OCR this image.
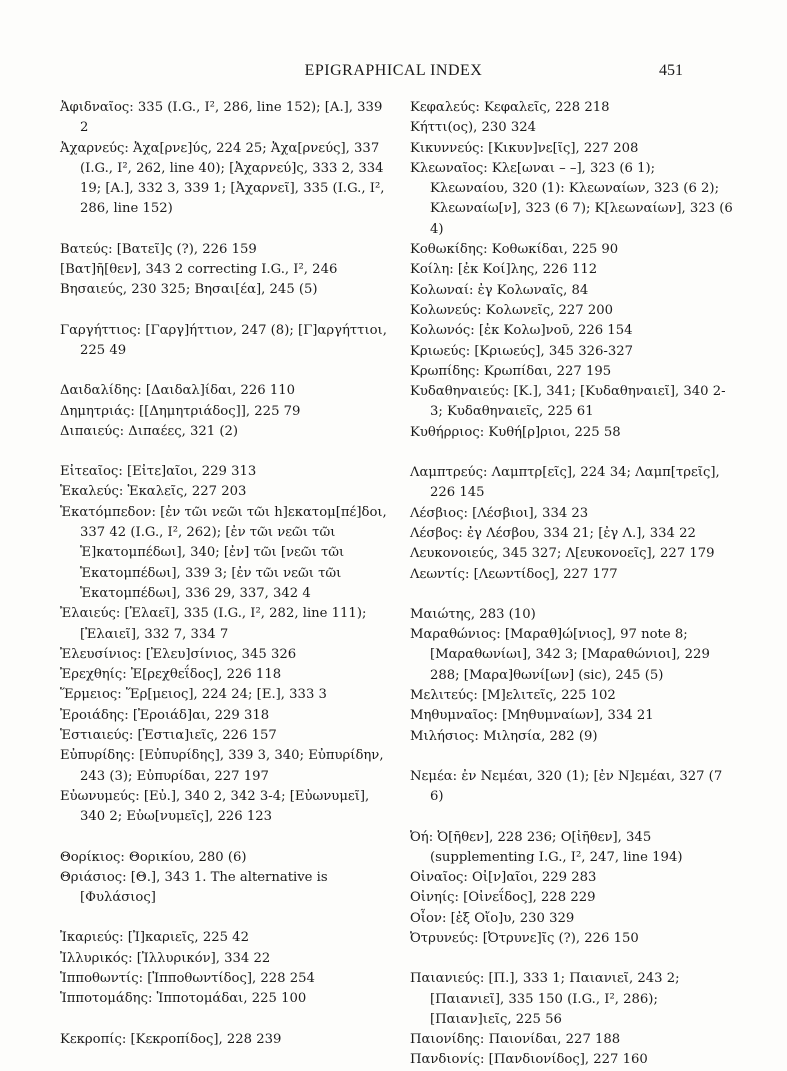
EPIGRAPHICAL INDEX	451

Ἀφιδναῖος: 335 (I.G., I², 286, line 152); [Α.], 339 2

Ἀχαρνεύς: Ἀχα[ρνε]ύς, 224 25; Ἀχα[ρνεύς], 337 (I.G., I², 262, line 40); [Ἀχαρνεύ]ς, 333 2, 334 19; [Α.], 332 3, 339 1; [Ἀχαρνεῖ], 335 (I.G., I², 286, line 152)

Βατεύς: [Βατεῖ]ς (?), 226 159

[Βατ]ῆ[θεν], 343 2 correcting I.G., I², 246

Βησαιεύς, 230 325; Βησαι[έα], 245 (5)

Γαργήττιος: [Γαργ]ήττιον, 247 (8); [Γ]αργήττιοι, 225 49

Δαιδαλίδης: [Δαιδαλ]ίδαι, 226 110

Δημητριάς: [[Δημητριάδος]], 225 79

Διπαιεύς: Διπαέες, 321 (2)

Εἰτεαῖος: [Εἰτε]αῖοι, 229 313

Ἑκαλεύς: Ἑκαλεῖς, 227 203

Ἑκατόμπεδον: [ἐν τῶι νεῶι τῶι h]εκατομ[πέ]δοι, 337 42 (I.G., I², 262); [ἐν τῶι νεῶι τῶι Ἑ]κατομπέδωι], 340; [ἐν] τῶι [νεῶι τῶι Ἑκατομπέδωι], 339 3; [ἐν τῶι νεῶι τῶι Ἑκατομπέδωι], 336 29, 337, 342 4

Ἐλαιεύς: [Ἐλαεῖ], 335 (I.G., I², 282, line 111); [Ἐλαιεῖ], 332 7, 334 7

Ἐλευσίνιος: [Ἐλευ]σίνιος, 345 326

Ἐρεχθηίς: Ἐ[ρεχθεΐδος], 226 118

Ἕρμειος: Ἕρ[μειος], 224 24; [Ε.], 333 3

Ἐροιάδης: [Ἐροιάδ]αι, 229 318

Ἑστιαιεύς: [Ἑστια]ιεῖς, 226 157

Εὐπυρίδης: [Εὐπυρίδης], 339 3, 340; Εὐπυρίδην, 243 (3); Εὐπυρίδαι, 227 197

Εὐωνυμεύς: [Εὐ.], 340 2, 342 3-4; [Εὐωνυμεῖ], 340 2; Εὐω[νυμεῖς], 226 123

Θορίκιος: Θορικίου, 280 (6)

Θριάσιος: [Θ.], 343 1. The alternative is [Φυλάσιος]

Ἰκαριεύς: [Ἰ]καριεῖς, 225 42

Ἰλλυρικός: [Ἰλλυρικόν], 334 22

Ἱπποθωντίς: [Ἱπποθωντίδος], 228 254

Ἱπποτομάδης: Ἱπποτομάδαι, 225 100

Κεκροπίς: [Κεκροπίδος], 228 239

Κεφαλεύς: Κεφαλεῖς, 228 218

Κήττι(ος), 230 324

Κικυννεύς: [Κικυν]νε[ῖς], 227 208

Κλεωναῖος: Κλε[ωναι – –], 323 (6 1); Κλεωναίου, 320 (1): Κλεωναίων, 323 (6 2); Κλεωναίω[ν], 323 (6 7); Κ[λεωναίων], 323 (6 4)

Κοθωκίδης: Κοθωκίδαι, 225 90

Κοίλη: [ἐκ Κοί]λης, 226 112

Κολωναί: ἐγ Κολωναῖς, 84

Κολωνεύς: Κολωνεῖς, 227 200

Κολωνός: [ἐκ Κολω]νοῦ, 226 154

Κριωεύς: [Κριωεύς], 345 326-327

Κρωπίδης: Κρωπίδαι, 227 195

Κυδαθηναιεύς: [Κ.], 341; [Κυδαθηναιεῖ], 340 2-3; Κυδαθηναιεῖς, 225 61

Κυθήρριος: Κυθή[ρ]ριοι, 225 58

Λαμπτρεύς: Λαμπτρ[εῖς], 224 34; Λαμπ[τρεῖς], 226 145

Λέσβιος: [Λέσβιοι], 334 23

Λέσβος: ἐγ Λέσβου, 334 21; [ἐγ Λ.], 334 22

Λευκονοιεύς, 345 327; Λ[ευκονοεῖς], 227 179

Λεωντίς: [Λεωντίδος], 227 177

Μαιώτης, 283 (10)

Μαραθώνιος: [Μαραθ]ώ[νιος], 97 note 8; [Μαραθωνίωι], 342 3; [Μαραθώνιοι], 229 288; [Μαρα]θωνί[ων] (sic), 245 (5)

Μελιτεύς: [Μ]ελιτεῖς, 225 102

Μηθυμναῖος: [Μηθυμναίων], 334 21

Μιλήσιος: Μιλησία, 282 (9)

Νεμέα: ἐν Νεμέαι, 320 (1); [ἐν Ν]εμέαι, 327 (7 6)

Ὀή: Ὀ[ῆθεν], 228 236; Ο[ἰῆθεν], 345 (supplementing I.G., I², 247, line 194)

Οἰναῖος: Οἰ[ν]αῖοι, 229 283

Οἰνηίς: [Οἰνεΐδος], 228 229

Οἶον: [ἐξ Οἴο]υ, 230 329

Ὀτρυνεύς: [Ὀτρυνε]ῖς (?), 226 150

Παιανιεύς: [Π.], 333 1; Παιανιεῖ, 243 2; [Παιανιεῖ], 335 150 (I.G., I², 286); [Παιαν]ιεῖς, 225 56

Παιονίδης: Παιονίδαι, 227 188

Πανδιονίς: [Πανδιονίδος], 227 160
